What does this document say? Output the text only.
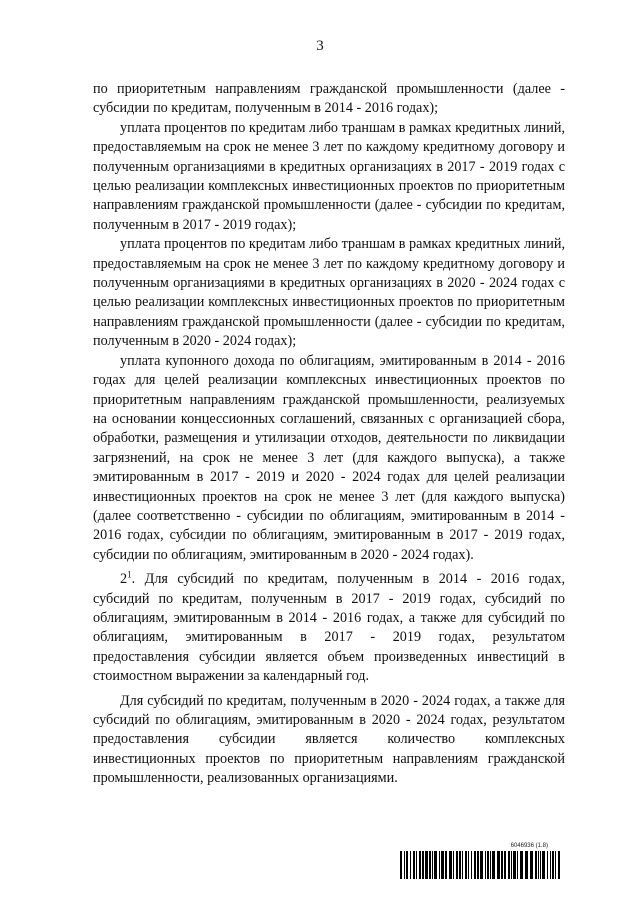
3

по приоритетным направлениям гражданской промышленности (далее - субсидии по кредитам, полученным в 2014 - 2016 годах);

уплата процентов по кредитам либо траншам в рамках кредитных линий, предоставляемым на срок не менее 3 лет по каждому кредитному договору и полученным организациями в кредитных организациях в 2017 - 2019 годах с целью реализации комплексных инвестиционных проектов по приоритетным направлениям гражданской промышленности (далее - субсидии по кредитам, полученным в 2017 - 2019 годах);

уплата процентов по кредитам либо траншам в рамках кредитных линий, предоставляемым на срок не менее 3 лет по каждому кредитному договору и полученным организациями в кредитных организациях в 2020 - 2024 годах с целью реализации комплексных инвестиционных проектов по приоритетным направлениям гражданской промышленности (далее - субсидии по кредитам, полученным в 2020 - 2024 годах);

уплата купонного дохода по облигациям, эмитированным в 2014 - 2016 годах для целей реализации комплексных инвестиционных проектов по приоритетным направлениям гражданской промышленности, реализуемых на основании концессионных соглашений, связанных с организацией сбора, обработки, размещения и утилизации отходов, деятельности по ликвидации загрязнений, на срок не менее 3 лет (для каждого выпуска), а также эмитированным в 2017 - 2019 и 2020 - 2024 годах для целей реализации инвестиционных проектов на срок не менее 3 лет (для каждого выпуска) (далее соответственно - субсидии по облигациям, эмитированным в 2014 - 2016 годах, субсидии по облигациям, эмитированным в 2017 - 2019 годах, субсидии по облигациям, эмитированным в 2020 - 2024 годах).

$2^1$. Для субсидий по кредитам, полученным в 2014 - 2016 годах, субсидий по кредитам, полученным в 2017 - 2019 годах, субсидий по облигациям, эмитированным в 2014 - 2016 годах, а также для субсидий по облигациям, эмитированным в 2017 - 2019 годах, результатом предоставления субсидии является объем произведенных инвестиций в стоимостном выражении за календарный год.

Для субсидий по кредитам, полученным в 2020 - 2024 годах, а также для субсидий по облигациям, эмитированным в 2020 - 2024 годах, результатом предоставления субсидии является количество комплексных инвестиционных проектов по приоритетным направлениям гражданской промышленности, реализованных организациями.

6046936 (1.8)
